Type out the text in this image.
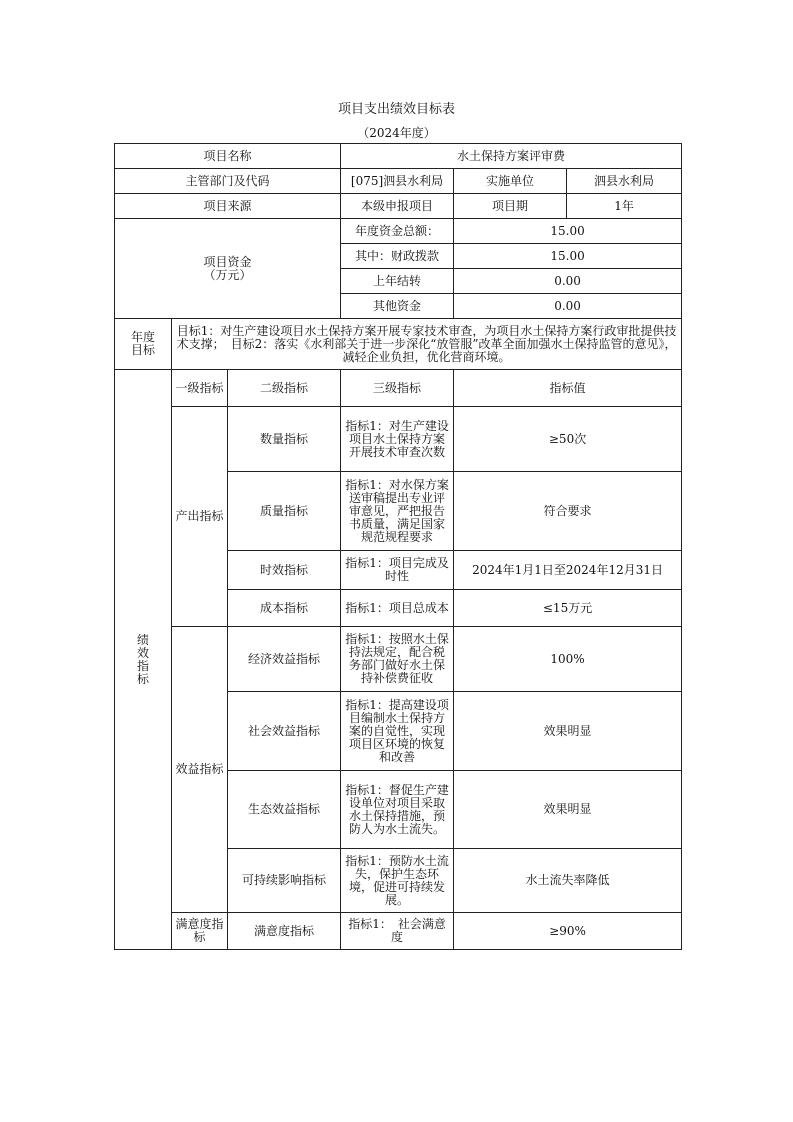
项目支出绩效目标表
（2024年度）
项目名称			水土保持方案评审费		
主管部门及代码			[075]泗县水利局	实施单位	泗县水利局
项目来源			本级申报项目	项目期	1年

项目资金
（万元）			年度资金总额：	15.00	
			其中：财政拨款	15.00	
			上年结转	0.00	
			其他资金	0.00	

年度
目标	目标1：对生产建设项目水土保持方案开展专家技术审查，为项目水土保持方案行政审批提供技术支撑；　目标2：落实《水利部关于进一步深化“放管服”改革全面加强水土保持监管的意见》，减轻企业负担，优化营商环境。				

绩
效
指
标	一级指标	二级指标	三级指标	指标值	
	产出指标	数量指标	指标1：对生产建设项目水土保持方案开展技术审查次数	≥50次	
		质量指标	指标1：对水保方案送审稿提出专业评审意见，严把报告书质量，满足国家规范规程要求	符合要求	
		时效指标	指标1：项目完成及时性	2024年1月1日至2024年12月31日	
		成本指标	指标1：项目总成本	≤15万元	
	效益指标	经济效益指标	指标1：按照水土保持法规定，配合税务部门做好水土保持补偿费征收	100%	
		社会效益指标	指标1：提高建设项目编制水土保持方案的自觉性，实现项目区环境的恢复和改善	效果明显	
		生态效益指标	指标1：督促生产建设单位对项目采取水土保持措施，预防人为水土流失。	效果明显	
		可持续影响指标	指标1：预防水土流失，保护生态环境，促进可持续发展。	水土流失率降低	
	满意度指标	满意度指标	指标1：　社会满意度	≥90%	
